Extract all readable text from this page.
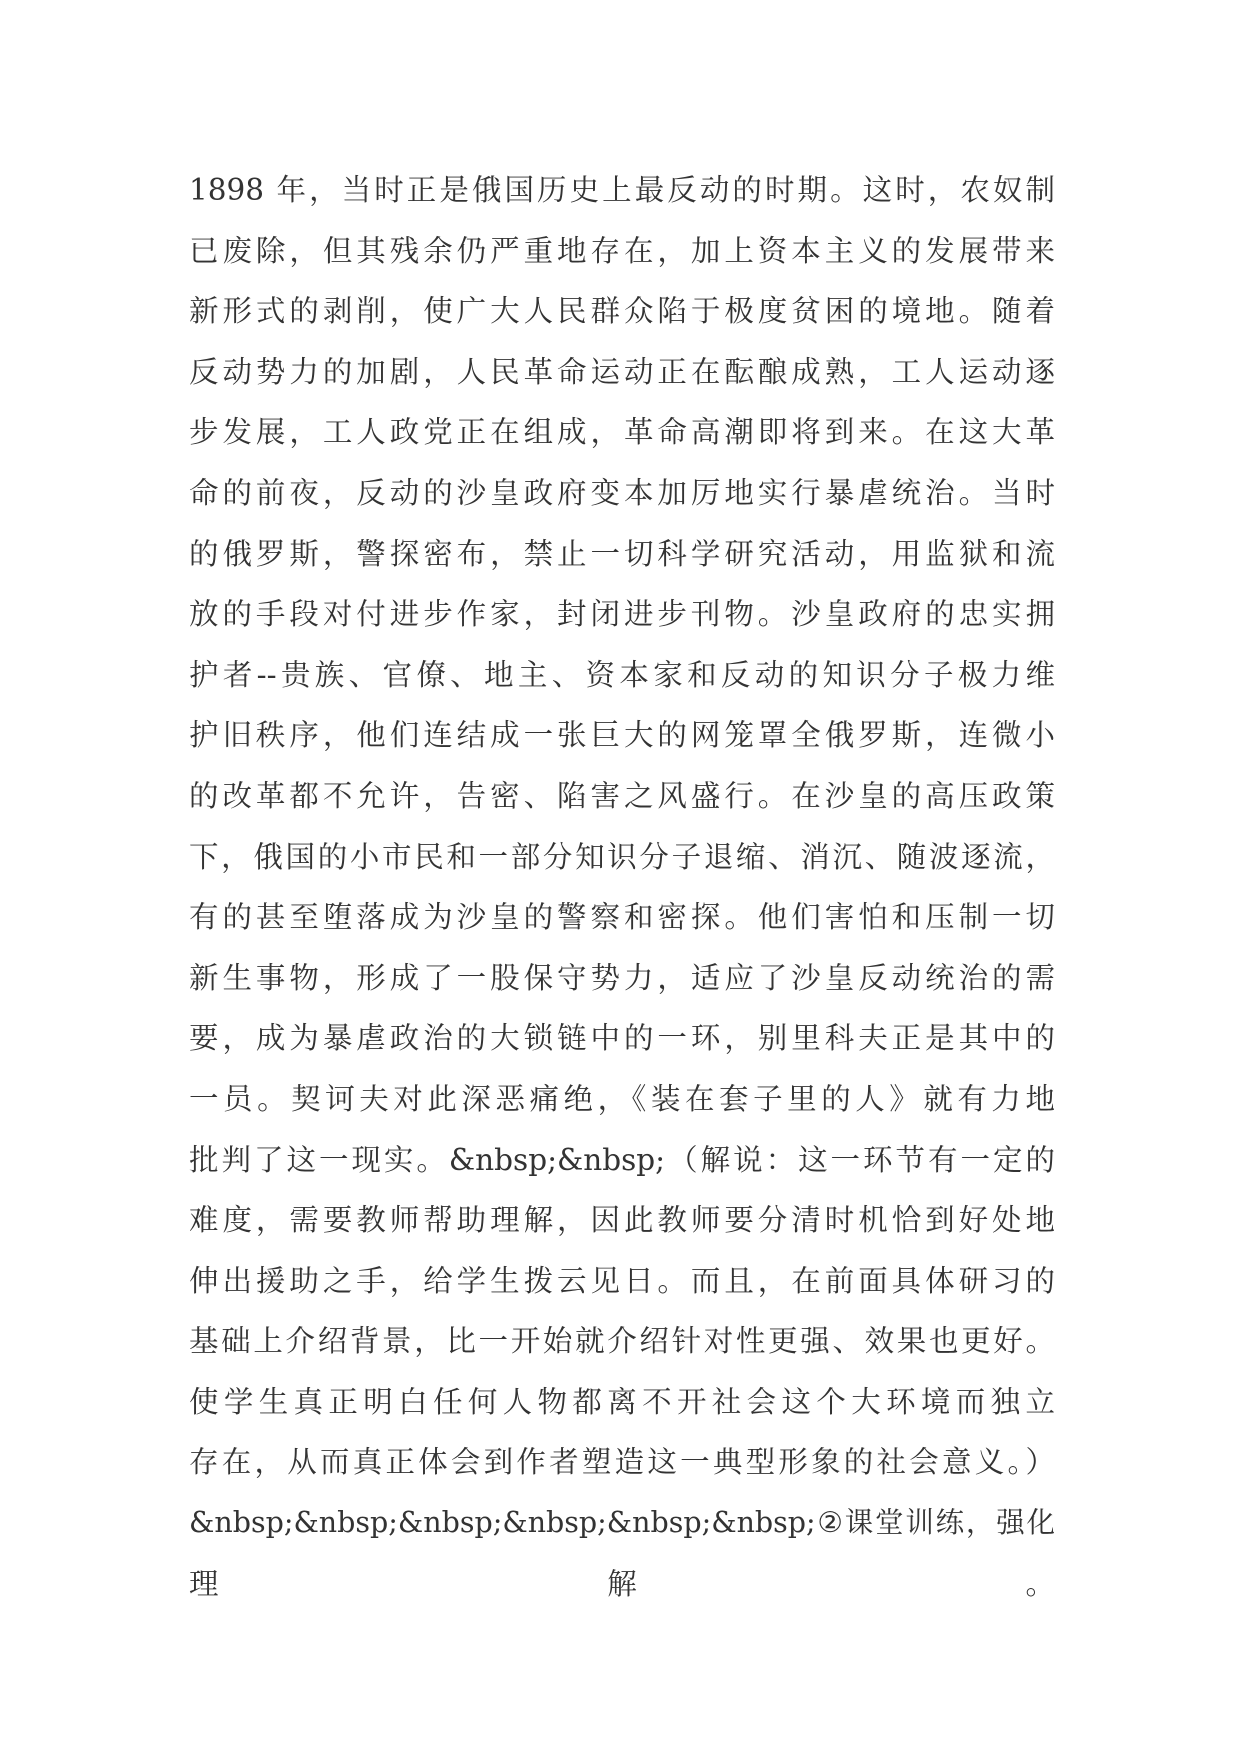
1898 年，当时正是俄国历史上最反动的时期。这时，农奴制
已废除，但其残余仍严重地存在，加上资本主义的发展带来
新形式的剥削，使广大人民群众陷于极度贫困的境地。随着
反动势力的加剧，人民革命运动正在酝酿成熟，工人运动逐
步发展，工人政党正在组成，革命高潮即将到来。在这大革
命的前夜，反动的沙皇政府变本加厉地实行暴虐统治。当时
的俄罗斯，警探密布，禁止一切科学研究活动，用监狱和流
放的手段对付进步作家，封闭进步刊物。沙皇政府的忠实拥
护者--贵族、官僚、地主、资本家和反动的知识分子极力维
护旧秩序，他们连结成一张巨大的网笼罩全俄罗斯，连微小
的改革都不允许，告密、陷害之风盛行。在沙皇的高压政策
下，俄国的小市民和一部分知识分子退缩、消沉、随波逐流，
有的甚至堕落成为沙皇的警察和密探。他们害怕和压制一切
新生事物，形成了一股保守势力，适应了沙皇反动统治的需
要，成为暴虐政治的大锁链中的一环，别里科夫正是其中的
一员。契诃夫对此深恶痛绝，《装在套子里的人》就有力地
批判了这一现实。&nbsp;&nbsp;（解说：这一环节有一定的
难度，需要教师帮助理解，因此教师要分清时机恰到好处地
伸出援助之手，给学生拨云见日。而且，在前面具体研习的
基础上介绍背景，比一开始就介绍针对性更强、效果也更好。
使学生真正明白任何人物都离不开社会这个大环境而独立
存在，从而真正体会到作者塑造这一典型形象的社会意义。）
&nbsp;&nbsp;&nbsp;&nbsp;&nbsp;&nbsp;②课堂训练，强化
理 解 。
